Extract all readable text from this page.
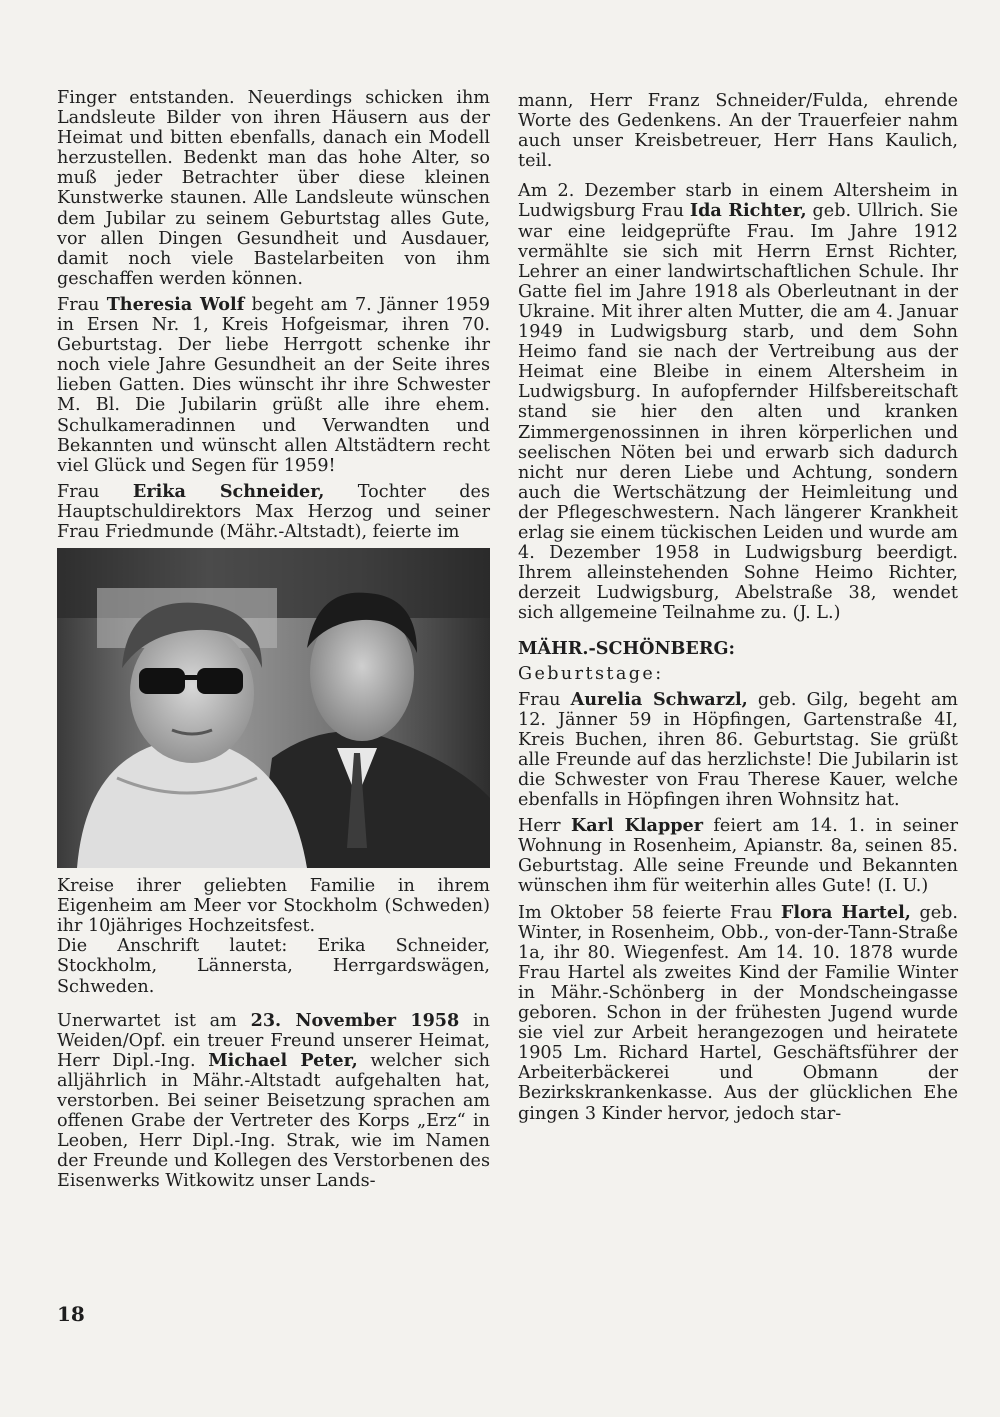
Finger entstanden. Neuerdings schicken ihm Landsleute Bilder von ihren Häusern aus der Heimat und bitten ebenfalls, danach ein Modell herzustellen. Bedenkt man das hohe Alter, so muß jeder Betrachter über diese kleinen Kunstwerke staunen. Alle Landsleute wünschen dem Jubilar zu seinem Geburtstag alles Gute, vor allen Dingen Gesundheit und Ausdauer, damit noch viele Bastelarbeiten von ihm geschaffen werden können.

Frau Theresia Wolf begeht am 7. Jänner 1959 in Ersen Nr. 1, Kreis Hofgeismar, ihren 70. Geburtstag. Der liebe Herrgott schenke ihr noch viele Jahre Gesundheit an der Seite ihres lieben Gatten. Dies wünscht ihr ihre Schwester M. Bl. Die Jubilarin grüßt alle ihre ehem. Schulkameradinnen und Verwandten und Bekannten und wünscht allen Altstädtern recht viel Glück und Segen für 1959!

Frau Erika Schneider, Tochter des Hauptschuldirektors Max Herzog und seiner Frau Friedmunde (Mähr.-Altstadt), feierte im

Kreise ihrer geliebten Familie in ihrem Eigenheim am Meer vor Stockholm (Schweden) ihr 10jähriges Hochzeitsfest.

Die Anschrift lautet: Erika Schneider, Stockholm, Lännersta, Herrgardswägen, Schweden.

Unerwartet ist am 23. November 1958 in Weiden/Opf. ein treuer Freund unserer Heimat, Herr Dipl.-Ing. Michael Peter, welcher sich alljährlich in Mähr.-Altstadt aufgehalten hat, verstorben. Bei seiner Beisetzung sprachen am offenen Grabe der Vertreter des Korps „Erz“ in Leoben, Herr Dipl.-Ing. Strak, wie im Namen der Freunde und Kollegen des Verstorbenen des Eisenwerks Witkowitz unser Lands-

mann, Herr Franz Schneider/Fulda, ehrende Worte des Gedenkens. An der Trauerfeier nahm auch unser Kreisbetreuer, Herr Hans Kaulich, teil.

Am 2. Dezember starb in einem Altersheim in Ludwigsburg Frau Ida Richter, geb. Ullrich. Sie war eine leidgeprüfte Frau. Im Jahre 1912 vermählte sie sich mit Herrn Ernst Richter, Lehrer an einer landwirtschaftlichen Schule. Ihr Gatte fiel im Jahre 1918 als Oberleutnant in der Ukraine. Mit ihrer alten Mutter, die am 4. Januar 1949 in Ludwigsburg starb, und dem Sohn Heimo fand sie nach der Vertreibung aus der Heimat eine Bleibe in einem Altersheim in Ludwigsburg. In aufopfernder Hilfsbereitschaft stand sie hier den alten und kranken Zimmergenossinnen in ihren körperlichen und seelischen Nöten bei und erwarb sich dadurch nicht nur deren Liebe und Achtung, sondern auch die Wertschätzung der Heimleitung und der Pflegeschwestern. Nach längerer Krankheit erlag sie einem tückischen Leiden und wurde am 4. Dezember 1958 in Ludwigsburg beerdigt. Ihrem alleinstehenden Sohne Heimo Richter, derzeit Ludwigsburg, Abelstraße 38, wendet sich allgemeine Teilnahme zu. (J. L.)

MÄHR.-SCHÖNBERG:
Geburtstage:

Frau Aurelia Schwarzl, geb. Gilg, begeht am 12. Jänner 59 in Höpfingen, Gartenstraße 4I, Kreis Buchen, ihren 86. Geburtstag. Sie grüßt alle Freunde auf das herzlichste! Die Jubilarin ist die Schwester von Frau Therese Kauer, welche ebenfalls in Höpfingen ihren Wohnsitz hat.

Herr Karl Klapper feiert am 14. 1. in seiner Wohnung in Rosenheim, Apianstr. 8a, seinen 85. Geburtstag. Alle seine Freunde und Bekannten wünschen ihm für weiterhin alles Gute! (I. U.)

Im Oktober 58 feierte Frau Flora Hartel, geb. Winter, in Rosenheim, Obb., von-der-Tann-Straße 1a, ihr 80. Wiegenfest. Am 14. 10. 1878 wurde Frau Hartel als zweites Kind der Familie Winter in Mähr.-Schönberg in der Mondscheingasse geboren. Schon in der frühesten Jugend wurde sie viel zur Arbeit herangezogen und heiratete 1905 Lm. Richard Hartel, Geschäftsführer der Arbeiterbäckerei und Obmann der Bezirkskrankenkasse. Aus der glücklichen Ehe gingen 3 Kinder hervor, jedoch star-

18
